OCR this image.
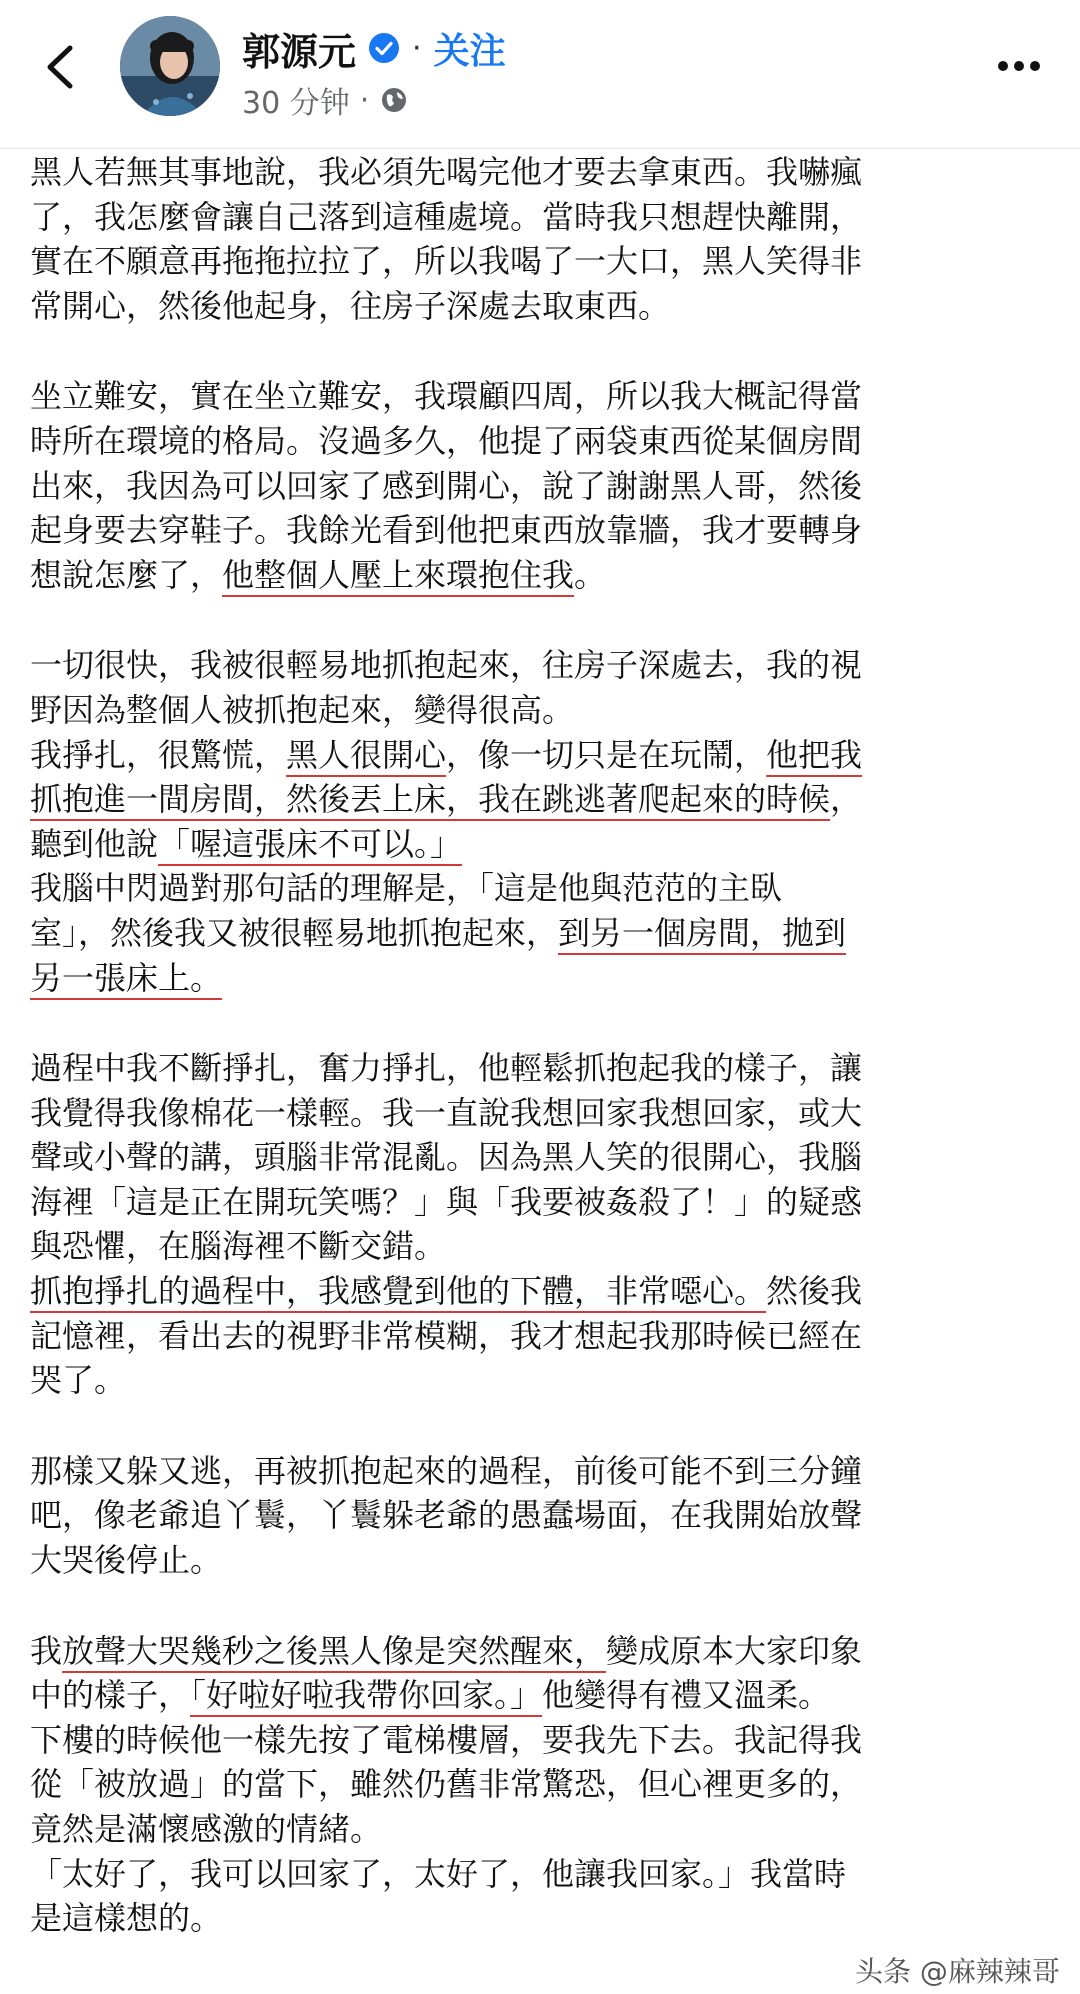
郭源元 · 关注
30 分钟 ·
黑人若無其事地說，我必須先喝完他才要去拿東西。我嚇瘋
了，我怎麼會讓自己落到這種處境。當時我只想趕快離開，
實在不願意再拖拖拉拉了，所以我喝了一大口，黑人笑得非
常開心，然後他起身，往房子深處去取東西。
坐立難安，實在坐立難安，我環顧四周，所以我大概記得當
時所在環境的格局。沒過多久，他提了兩袋東西從某個房間
出來，我因為可以回家了感到開心，說了謝謝黑人哥，然後
起身要去穿鞋子。我餘光看到他把東西放靠牆，我才要轉身
想說怎麼了，他整個人壓上來環抱住我。
一切很快，我被很輕易地抓抱起來，往房子深處去，我的視
野因為整個人被抓抱起來，變得很高。
我掙扎，很驚慌，黑人很開心，像一切只是在玩鬧，他把我
抓抱進一間房間，然後丟上床，我在跳逃著爬起來的時候，
聽到他說「喔這張床不可以。」
我腦中閃過對那句話的理解是，「這是他與范范的主臥
室」，然後我又被很輕易地抓抱起來，到另一個房間，拋到
另一張床上。
過程中我不斷掙扎，奮力掙扎，他輕鬆抓抱起我的樣子，讓
我覺得我像棉花一樣輕。我一直說我想回家我想回家，或大
聲或小聲的講，頭腦非常混亂。因為黑人笑的很開心，我腦
海裡「這是正在開玩笑嗎？」與「我要被姦殺了！」的疑惑
與恐懼，在腦海裡不斷交錯。
抓抱掙扎的過程中，我感覺到他的下體，非常噁心。然後我
記憶裡，看出去的視野非常模糊，我才想起我那時候已經在
哭了。
那樣又躲又逃，再被抓抱起來的過程，前後可能不到三分鐘
吧，像老爺追丫鬟，丫鬟躲老爺的愚蠢場面，在我開始放聲
大哭後停止。
我放聲大哭幾秒之後黑人像是突然醒來，變成原本大家印象
中的樣子，「好啦好啦我帶你回家。」他變得有禮又溫柔。
下樓的時候他一樣先按了電梯樓層，要我先下去。我記得我
從「被放過」的當下，雖然仍舊非常驚恐，但心裡更多的，
竟然是滿懷感激的情緒。
「太好了，我可以回家了，太好了，他讓我回家。」我當時
是這樣想的。
头条 @麻辣辣哥
